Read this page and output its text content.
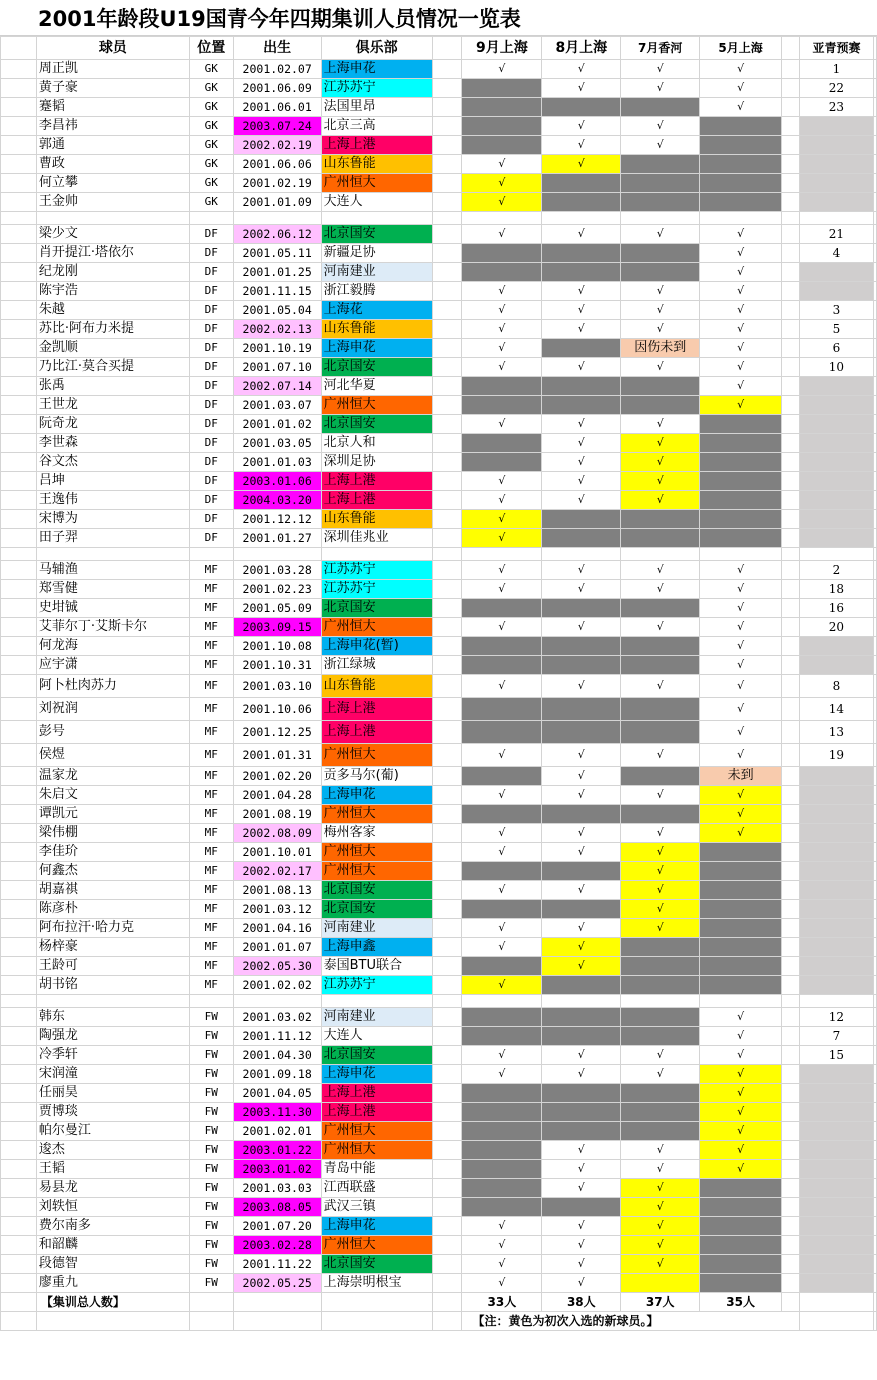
2001年龄段U19国青今年四期集训人员情况一览表
	球员	位置	出生	俱乐部		9月上海	8月上海	7月香河	5月上海		亚青预赛	
	周正凯	GK	2001.02.07	上海申花		√	√	√	√		1	
	黄子豪	GK	2001.06.09	江苏苏宁			√	√	√		22	
	蹇韬	GK	2001.06.01	法国里昂					√		23	
	李昌祎	GK	2003.07.24	北京三高			√	√				
	郭通	GK	2002.02.19	上海上港			√	√				
	曹政	GK	2001.06.06	山东鲁能		√	√					
	何立攀	GK	2001.02.19	广州恒大		√						
	王金帅	GK	2001.01.09	大连人		√						

	梁少文	DF	2002.06.12	北京国安		√	√	√	√		21	
	肖开提江·塔依尔	DF	2001.05.11	新疆足协					√		4	
	纪龙刚	DF	2001.01.25	河南建业					√			
	陈宇浩	DF	2001.11.15	浙江毅腾		√	√	√	√			
	朱越	DF	2001.05.04	上海花		√	√	√	√		3	
	苏比·阿布力米提	DF	2002.02.13	山东鲁能		√	√	√	√		5	
	金凯顺	DF	2001.10.19	上海申花		√		因伤未到	√		6	
	乃比江·莫合买提	DF	2001.07.10	北京国安		√	√	√	√		10	
	张禹	DF	2002.07.14	河北华夏					√			
	王世龙	DF	2001.03.07	广州恒大					√			
	阮奇龙	DF	2001.01.02	北京国安		√	√	√				
	李世森	DF	2001.03.05	北京人和			√	√				
	谷文杰	DF	2001.01.03	深圳足协			√	√				
	吕坤	DF	2003.01.06	上海上港		√	√	√				
	王逸伟	DF	2004.03.20	上海上港		√	√	√				
	宋博为	DF	2001.12.12	山东鲁能		√						
	田子羿	DF	2001.01.27	深圳佳兆业		√						

	马辅渔	MF	2001.03.28	江苏苏宁		√	√	√	√		2	
	郑雪健	MF	2001.02.23	江苏苏宁		√	√	√	√		18	
	史坩铖	MF	2001.05.09	北京国安					√		16	
	艾菲尔丁·艾斯卡尔	MF	2003.09.15	广州恒大		√	√	√	√		20	
	何龙海	MF	2001.10.08	上海申花(暂)					√			
	应宇潇	MF	2001.10.31	浙江绿城					√			
	阿卜杜肉苏力	MF	2001.03.10	山东鲁能		√	√	√	√		8	
	刘祝润	MF	2001.10.06	上海上港					√		14	
	彭号	MF	2001.12.25	上海上港					√		13	
	侯煜	MF	2001.01.31	广州恒大		√	√	√	√		19	
	温家龙	MF	2001.02.20	贡多马尔(葡)			√		未到			
	朱启文	MF	2001.04.28	上海申花		√	√	√	√			
	谭凯元	MF	2001.08.19	广州恒大					√			
	梁伟棚	MF	2002.08.09	梅州客家		√	√	√	√			
	李佳玠	MF	2001.10.01	广州恒大		√	√	√				
	何鑫杰	MF	2002.02.17	广州恒大				√				
	胡嘉祺	MF	2001.08.13	北京国安		√	√	√				
	陈彦朴	MF	2001.03.12	北京国安				√				
	阿布拉汗·哈力克	MF	2001.04.16	河南建业		√	√	√				
	杨梓豪	MF	2001.01.07	上海申鑫		√	√					
	王龄可	MF	2002.05.30	泰国BTU联合			√					
	胡书铭	MF	2001.02.02	江苏苏宁		√						

	韩东	FW	2001.03.02	河南建业					√		12	
	陶强龙	FW	2001.11.12	大连人					√		7	
	冷季轩	FW	2001.04.30	北京国安		√	√	√	√		15	
	宋润潼	FW	2001.09.18	上海申花		√	√	√	√			
	任丽昊	FW	2001.04.05	上海上港					√			
	贾博琰	FW	2003.11.30	上海上港					√			
	帕尔曼江	FW	2001.02.01	广州恒大					√			
	逡杰	FW	2003.01.22	广州恒大			√	√	√			
	王韬	FW	2003.01.02	青岛中能			√	√	√			
	易县龙	FW	2001.03.03	江西联盛			√	√				
	刘轶恒	FW	2003.08.05	武汉三镇				√				
	费尔南多	FW	2001.07.20	上海申花		√	√	√				
	和韶麟	FW	2003.02.28	广州恒大		√	√	√				
	段德智	FW	2001.11.22	北京国安		√	√	√				
	廖重九	FW	2002.05.25	上海崇明根宝		√	√					
	【集训总人数】					33人	38人	37人	35人			
						【注：黄色为初次入选的新球员。】						
